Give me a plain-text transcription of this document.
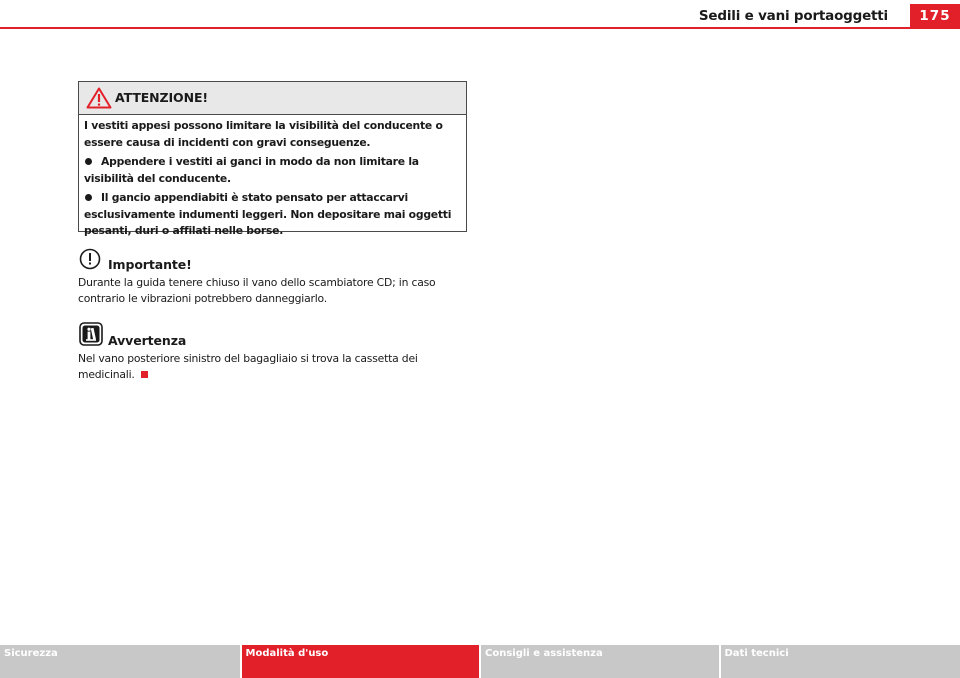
Sedili e vani portaoggetti	175
ATTENZIONE!

I vestiti appesi possono limitare la visibilità del conducente o essere causa di incidenti con gravi conseguenze.

Appendere i vestiti ai ganci in modo da non limitare la visibilità del conducente.

Il gancio appendiabiti è stato pensato per attaccarvi esclusivamente indumenti leggeri. Non depositare mai oggetti pesanti, duri o affilati nelle borse.

Importante!
Durante la guida tenere chiuso il vano dello scambiatore CD; in caso contrario le vibrazioni potrebbero danneggiarlo.
Avvertenza
Nel vano posteriore sinistro del bagagliaio si trova la cassetta dei medicinali.
Sicurezza	Modalità d'uso	Consigli e assistenza	Dati tecnici
